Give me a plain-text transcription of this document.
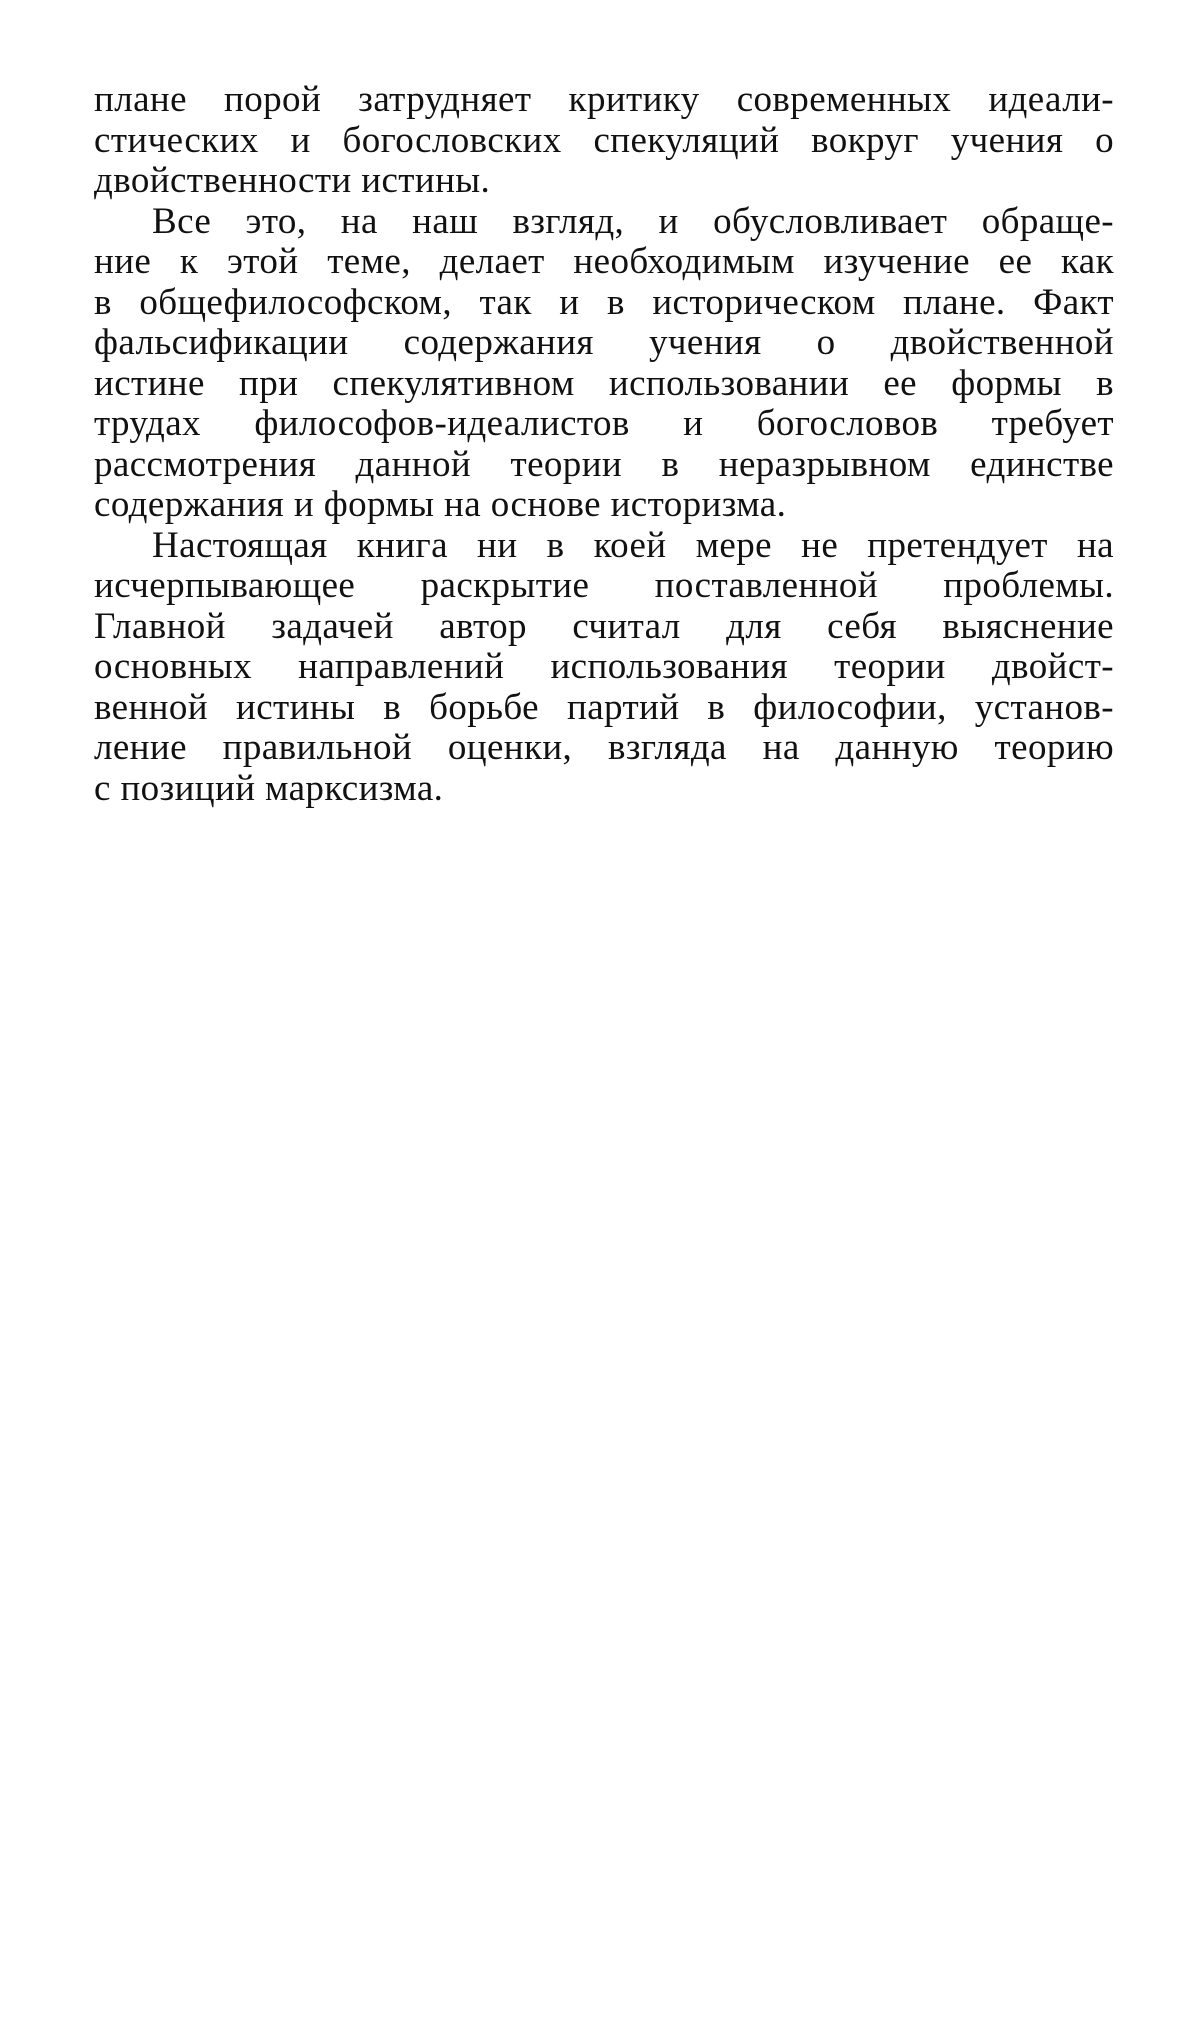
плане порой затрудняет критику современных идеали-
стических и богословских спекуляций вокруг учения о
двойственности истины.
Все это, на наш взгляд, и обусловливает обраще-
ние к этой теме, делает необходимым изучение ее как
в общефилософском, так и в историческом плане. Факт
фальсификации содержания учения о двойственной
истине при спекулятивном использовании ее формы в
трудах философов-идеалистов и богословов требует
рассмотрения данной теории в неразрывном единстве
содержания и формы на основе историзма.
Настоящая книга ни в коей мере не претендует на
исчерпывающее раскрытие поставленной проблемы.
Главной задачей автор считал для себя выяснение
основных направлений использования теории двойст-
венной истины в борьбе партий в философии, установ-
ление правильной оценки, взгляда на данную теорию
с позиций марксизма.
